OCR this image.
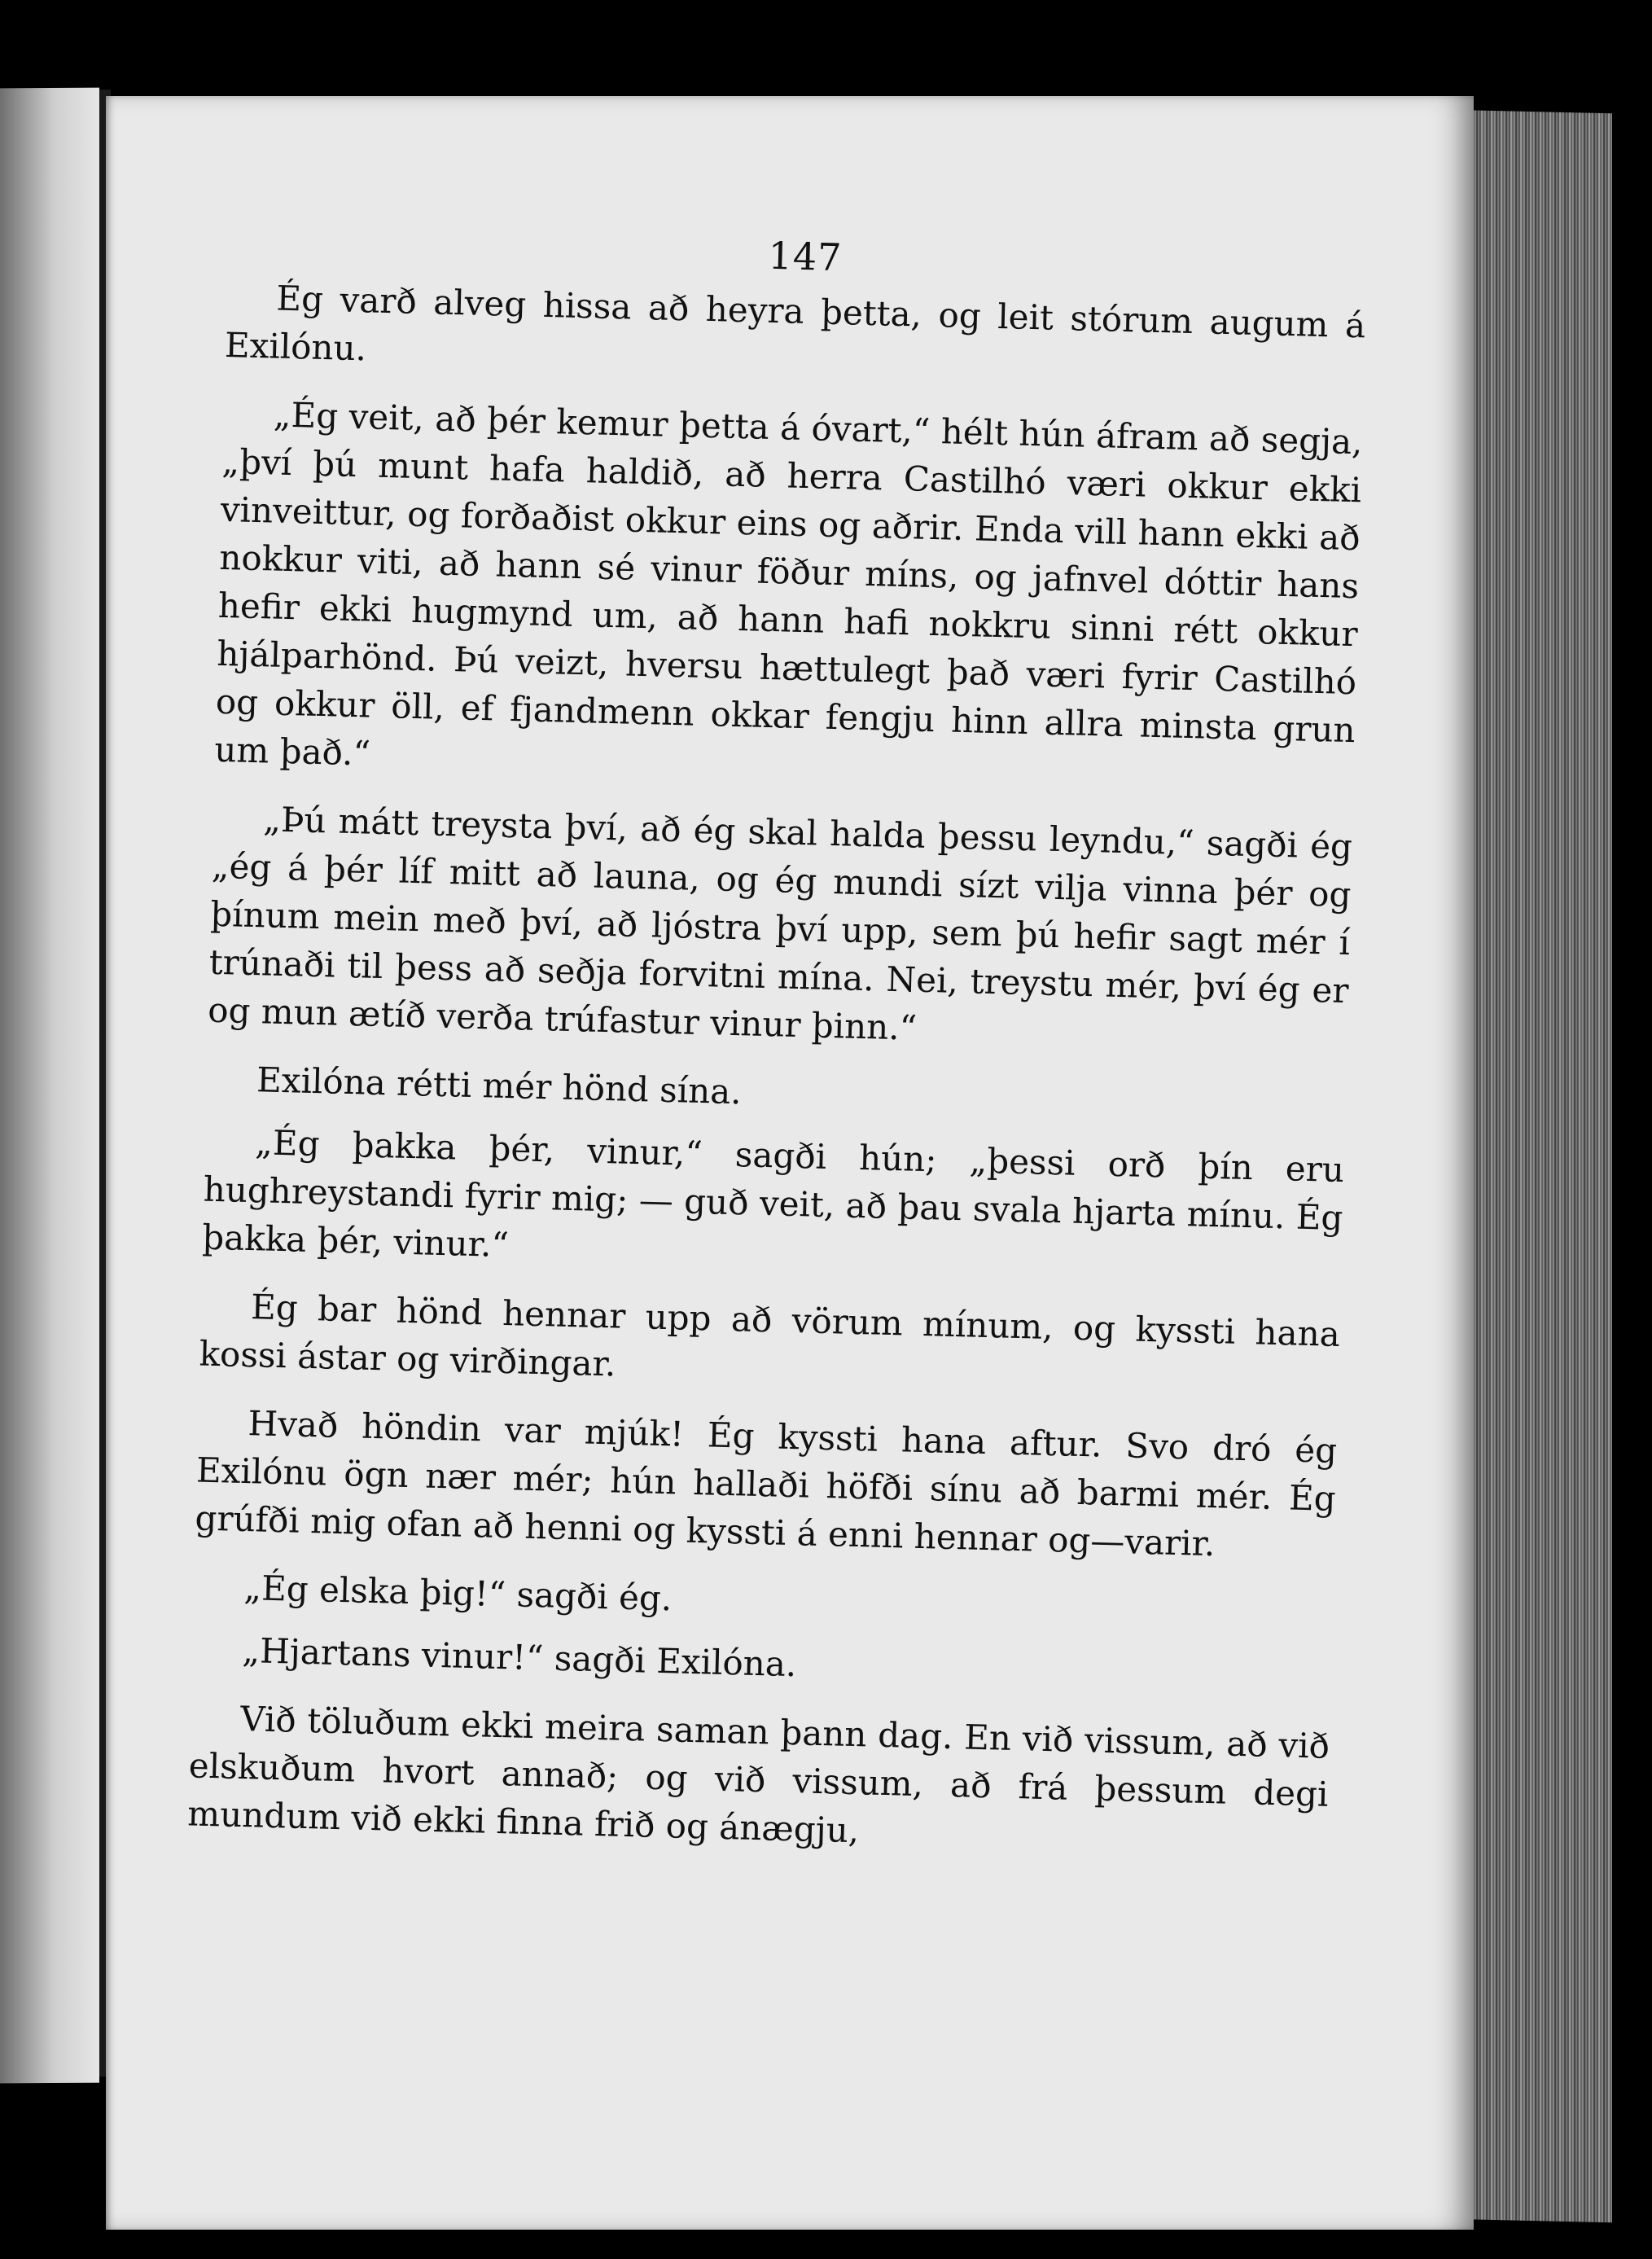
147

Ég varð alveg hissa að heyra þetta, og leit stórum augum á Exilónu.

„Ég veit, að þér kemur þetta á óvart,“ hélt hún áfram að segja, „því þú munt hafa haldið, að herra Castilhó væri okkur ekki vinveittur, og forðaðist okkur eins og aðrir. Enda vill hann ekki að nokkur viti, að hann sé vinur föður míns, og jafnvel dóttir hans hefir ekki hugmynd um, að hann hafi nokkru sinni rétt okkur hjálparhönd. Þú veizt, hversu hættulegt það væri fyrir Castilhó og okkur öll, ef fjandmenn okkar fengju hinn allra minsta grun um það.“

„Þú mátt treysta því, að ég skal halda þessu leyndu,“ sagði ég „ég á þér líf mitt að launa, og ég mundi sízt vilja vinna þér og þínum mein með því, að ljóstra því upp, sem þú hefir sagt mér í trúnaði til þess að seðja forvitni mína. Nei, treystu mér, því ég er og mun ætíð verða trúfastur vinur þinn.“

Exilóna rétti mér hönd sína.

„Ég þakka þér, vinur,“ sagði hún; „þessi orð þín eru hughreystandi fyrir mig; — guð veit, að þau svala hjarta mínu. Ég þakka þér, vinur.“

Ég bar hönd hennar upp að vörum mínum, og kyssti hana kossi ástar og virðingar.

Hvað höndin var mjúk! Ég kyssti hana aftur. Svo dró ég Exilónu ögn nær mér; hún hallaði höfði sínu að barmi mér. Ég grúfði mig ofan að henni og kyssti á enni hennar og—varir.

„Ég elska þig!“ sagði ég.

„Hjartans vinur!“ sagði Exilóna.

Við töluðum ekki meira saman þann dag. En við vissum, að við elskuðum hvort annað; og við vissum, að frá þessum degi mundum við ekki finna frið og ánægju,
